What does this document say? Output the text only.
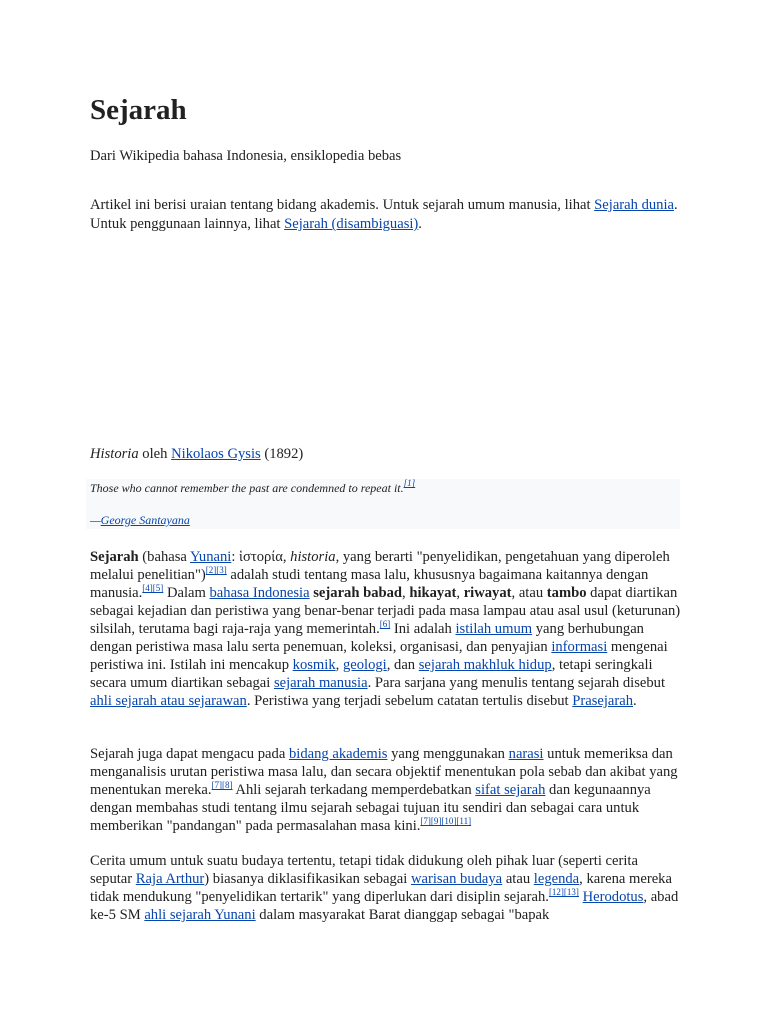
Sejarah

Dari Wikipedia bahasa Indonesia, ensiklopedia bebas

Artikel ini berisi uraian tentang bidang akademis. Untuk sejarah umum manusia, lihat Sejarah dunia. Untuk penggunaan lainnya, lihat Sejarah (disambiguasi).

Historia oleh Nikolaos Gysis (1892)

Those who cannot remember the past are condemned to repeat it.[1]

—George Santayana

Sejarah (bahasa Yunani: ἱστορία, historia, yang berarti "penyelidikan, pengetahuan yang diperoleh melalui penelitian")[2][3] adalah studi tentang masa lalu, khususnya bagaimana kaitannya dengan manusia.[4][5] Dalam bahasa Indonesia sejarah babad, hikayat, riwayat, atau tambo dapat diartikan sebagai kejadian dan peristiwa yang benar-benar terjadi pada masa lampau atau asal usul (keturunan) silsilah, terutama bagi raja-raja yang memerintah.[6] Ini adalah istilah umum yang berhubungan dengan peristiwa masa lalu serta penemuan, koleksi, organisasi, dan penyajian informasi mengenai peristiwa ini. Istilah ini mencakup kosmik, geologi, dan sejarah makhluk hidup, tetapi seringkali secara umum diartikan sebagai sejarah manusia. Para sarjana yang menulis tentang sejarah disebut ahli sejarah atau sejarawan. Peristiwa yang terjadi sebelum catatan tertulis disebut Prasejarah.

Sejarah juga dapat mengacu pada bidang akademis yang menggunakan narasi untuk memeriksa dan menganalisis urutan peristiwa masa lalu, dan secara objektif menentukan pola sebab dan akibat yang menentukan mereka.[7][8] Ahli sejarah terkadang memperdebatkan sifat sejarah dan kegunaannya dengan membahas studi tentang ilmu sejarah sebagai tujuan itu sendiri dan sebagai cara untuk memberikan "pandangan" pada permasalahan masa kini.[7][9][10][11]

Cerita umum untuk suatu budaya tertentu, tetapi tidak didukung oleh pihak luar (seperti cerita seputar Raja Arthur) biasanya diklasifikasikan sebagai warisan budaya atau legenda, karena mereka tidak mendukung "penyelidikan tertarik" yang diperlukan dari disiplin sejarah.[12][13] Herodotus, abad ke-5 SM ahli sejarah Yunani dalam masyarakat Barat dianggap sebagai "bapak
